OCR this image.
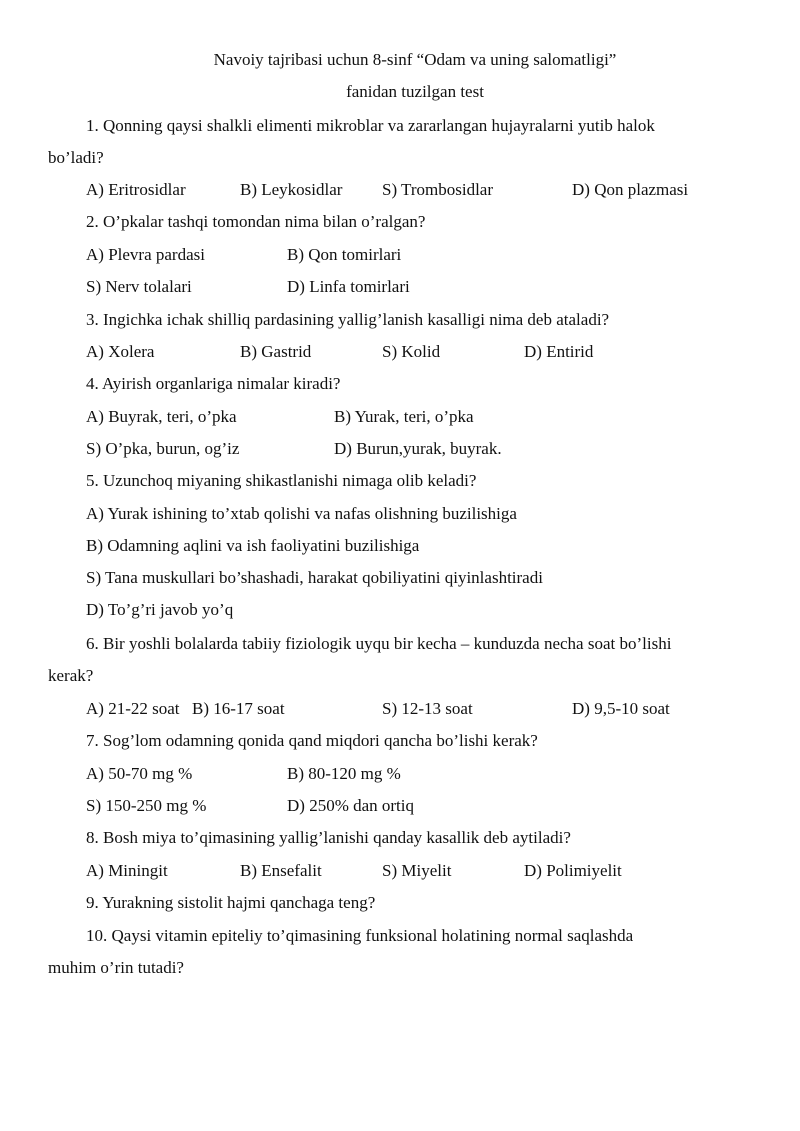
Navoiy tajribasi uchun 8-sinf “Odam va uning salomatligi”
fanidan tuzilgan test
1. Qonning qaysi shalkli elimenti mikroblar va zararlangan hujayralarni yutib halok
bo’ladi?
A) Eritrosidlar	B) Leykosidlar S) Trombosidlar	D) Qon plazmasi
2. O’pkalar tashqi tomondan nima bilan o’ralgan?
A) Plevra pardasi	B) Qon tomirlari
S) Nerv tolalari	D) Linfa tomirlari
3. Ingichka ichak shilliq pardasining yallig’lanish kasalligi nima deb ataladi?
A) Xolera	B) Gastrid	S) Kolid	D) Entirid
4. Ayirish organlariga nimalar kiradi?
A) Buyrak, teri, o’pka	B) Yurak, teri, o’pka
S) O’pka, burun, og’iz	D) Burun,yurak, buyrak.
5. Uzunchoq miyaning shikastlanishi nimaga olib keladi?
A) Yurak ishining to’xtab qolishi va nafas olishning buzilishiga
B) Odamning aqlini va ish faoliyatini buzilishiga
S) Tana muskullari bo’shashadi, harakat qobiliyatini qiyinlashtiradi
D) To’g’ri javob yo’q
6. Bir yoshli bolalarda tabiiy fiziologik uyqu bir kecha – kunduzda necha soat bo’lishi
kerak?
A) 21-22 soat B) 16-17 soat	S) 12-13 soat	D) 9,5-10 soat
7. Sog’lom odamning qonida qand miqdori qancha bo’lishi kerak?
A) 50-70 mg %	B) 80-120 mg %
S) 150-250 mg %	D) 250% dan ortiq
8. Bosh miya to’qimasining yallig’lanishi qanday kasallik deb aytiladi?
A) Miningit	B) Ensefalit	S) Miyelit	D) Polimiyelit
9. Yurakning sistolit hajmi qanchaga teng?
10. Qaysi vitamin epiteliy to’qimasining funksional holatining normal saqlashda
muhim o’rin tutadi?
